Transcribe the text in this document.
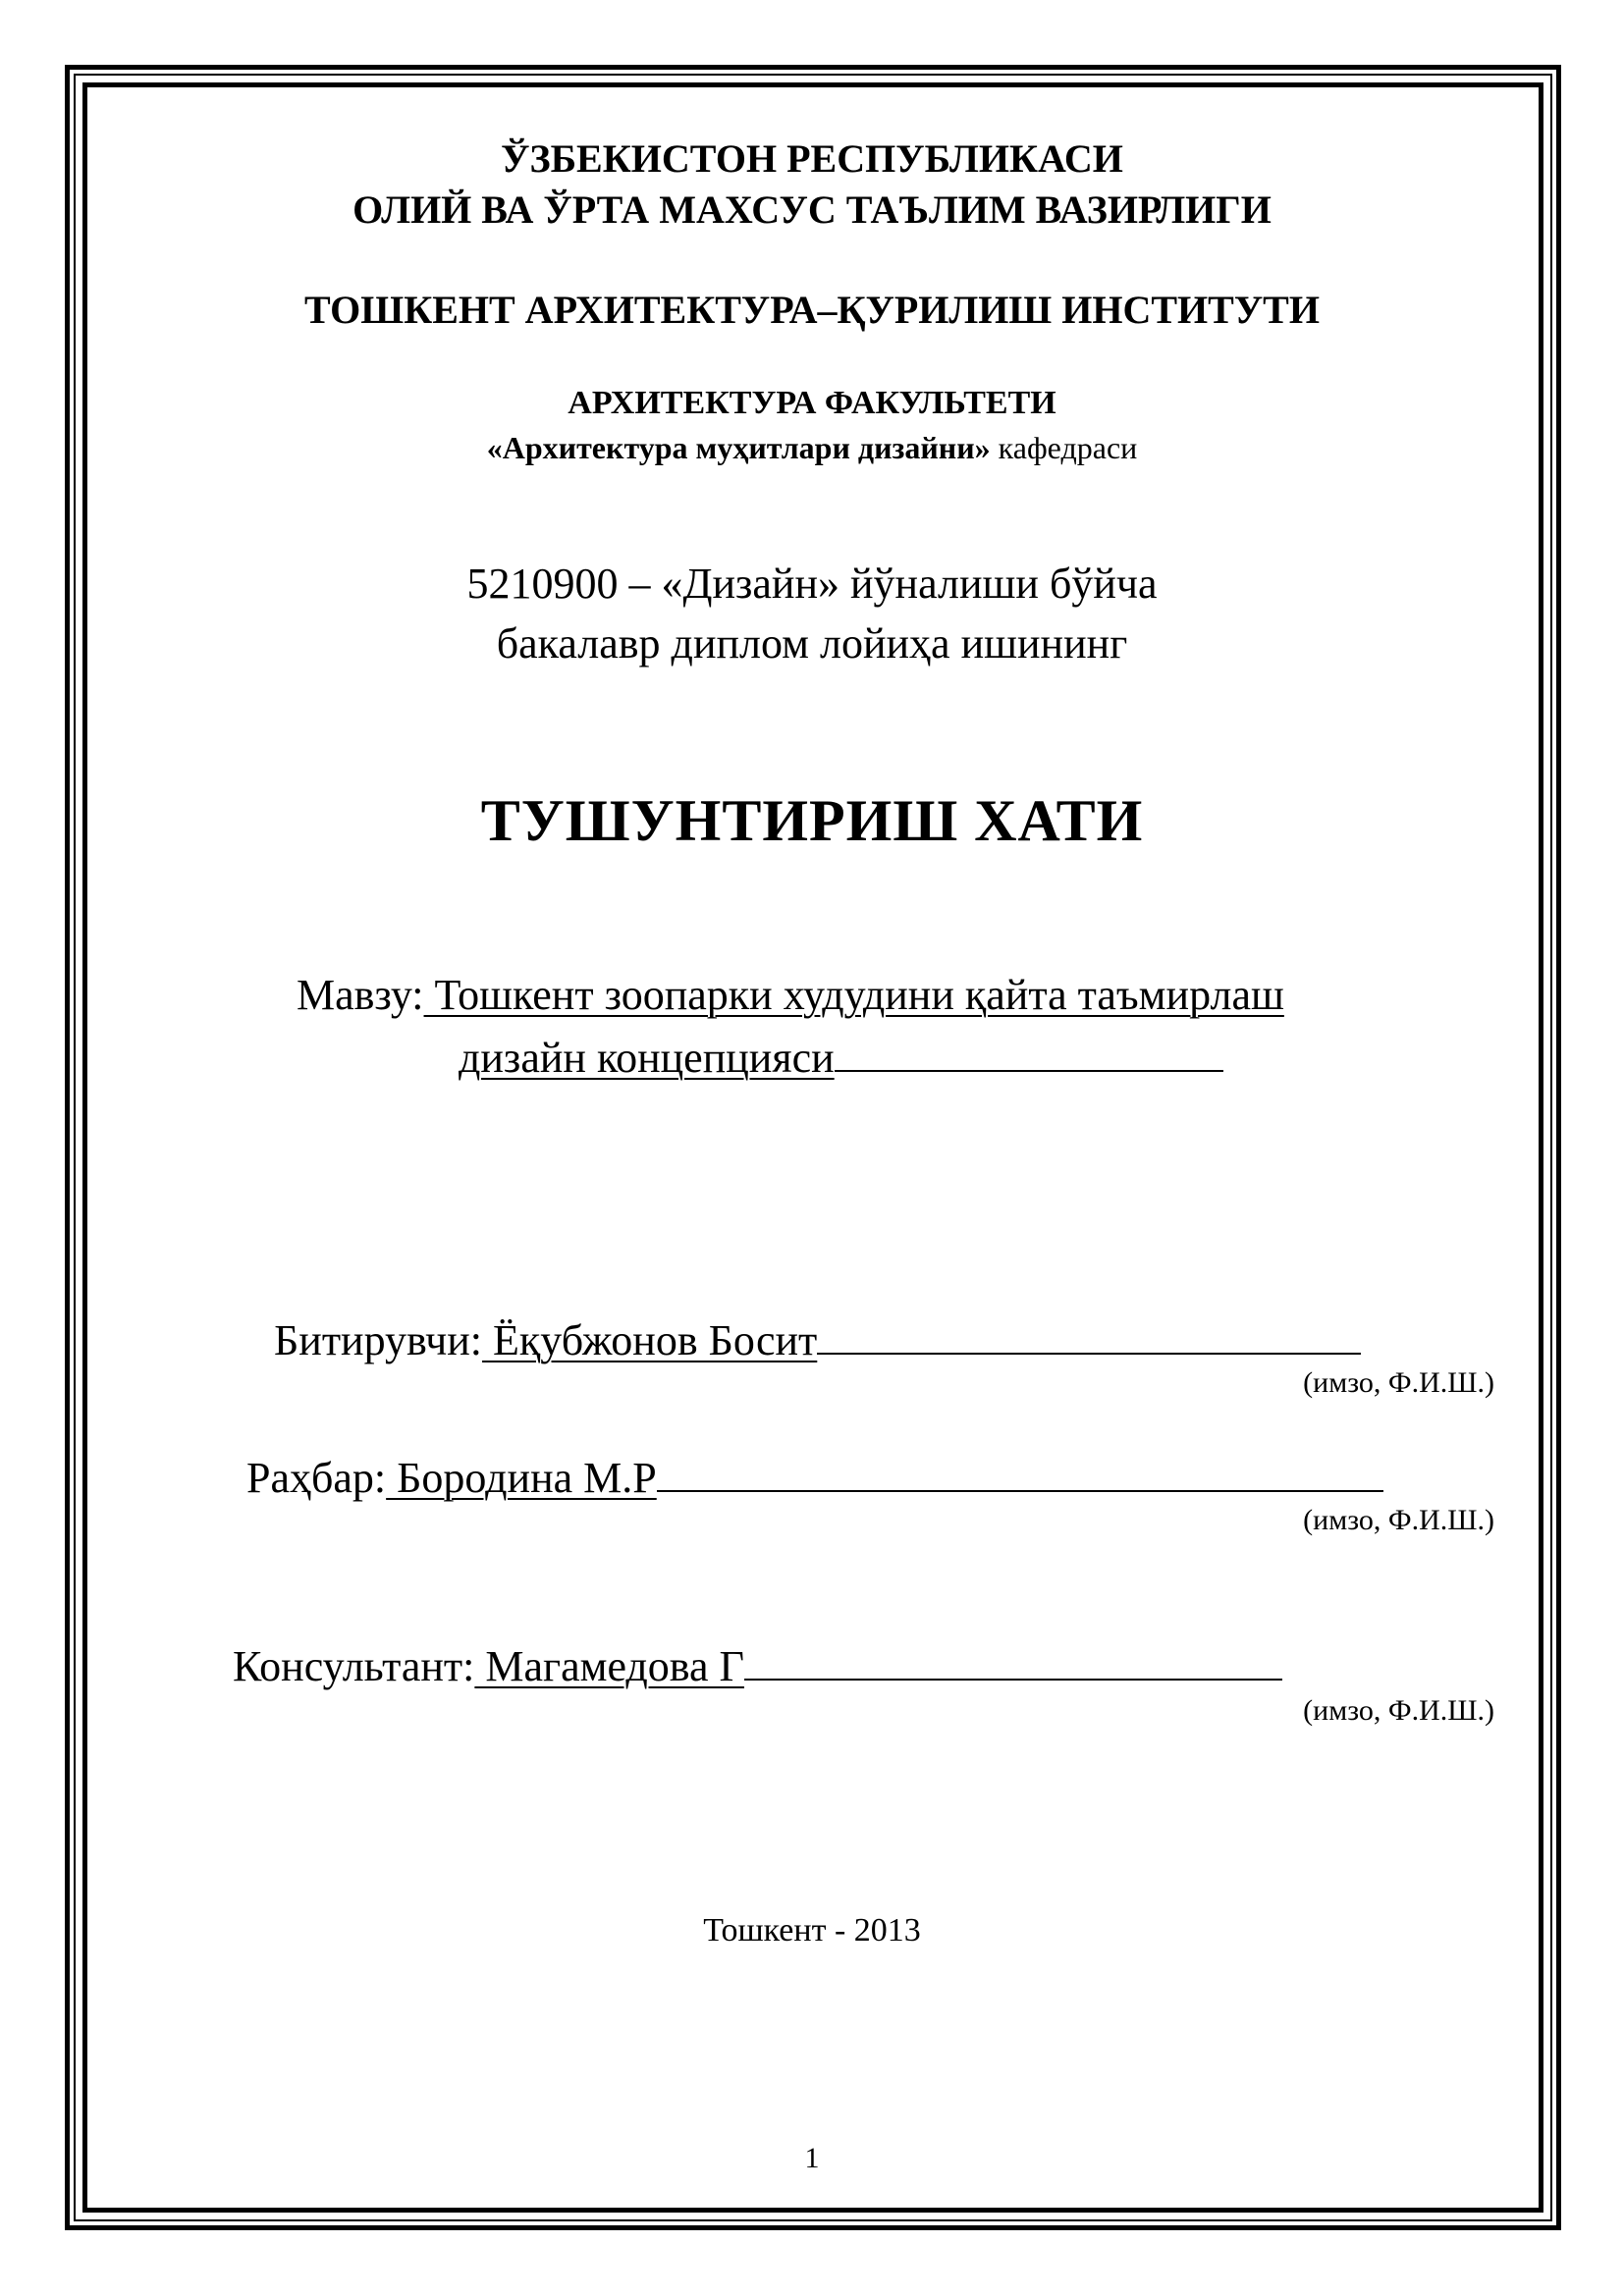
ЎЗБЕКИСТОН РЕСПУБЛИКАСИ
ОЛИЙ ВА ЎРТА МАХСУС ТАЪЛИМ ВАЗИРЛИГИ
ТОШКЕНТ АРХИТЕКТУРА–ҚУРИЛИШ ИНСТИТУТИ
АРХИТЕКТУРА ФАКУЛЬТЕТИ
«Архитектура муҳитлари дизайни» кафедраси
5210900 – «Дизайн» йўналиши бўйча
бакалавр диплом лойиҳа ишининг
ТУШУНТИРИШ ХАТИ
Мавзу: Тошкент зоопарки худудини қайта таъмирлаш
дизайн концепцияси
Битирувчи: Ёқубжонов Босит
(имзо, Ф.И.Ш.)
Раҳбар: Бородина М.Р
(имзо, Ф.И.Ш.)
Консультант: Магамедова Г
(имзо, Ф.И.Ш.)
Тошкент - 2013
1
